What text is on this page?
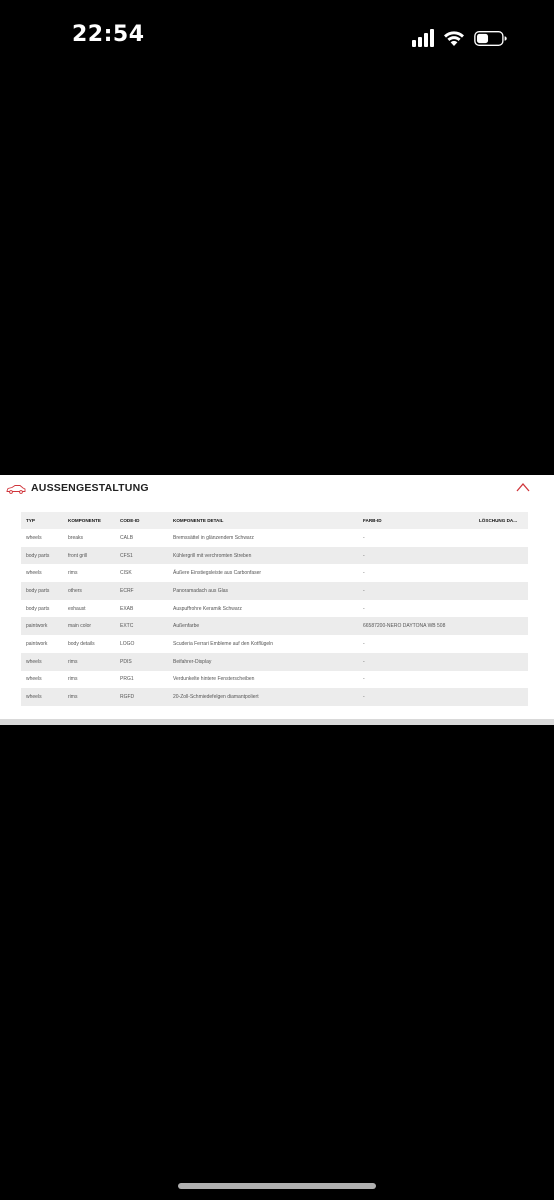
22:54
AUSSENGESTALTUNG
TYP	KOMPONENTE	CODE-ID	KOMPONENTE DETAIL	FARB-ID	LÖSCHUNG DA...
wheels	breaks	CALB	Bremssättel in glänzendem Schwarz	-	
body parts	front grill	CFS1	Kühlergrill mit verchromten Streben	-	
wheels	rims	CISK	Äußere Einstiegsleiste aus Carbonfaser	-	
body parts	others	ECRF	Panoramadach aus Glas	-	
body parts	exhaust	EXAB	Auspuffrohre Keramik Schwarz	-	
paintwork	main color	EXTC	Außenfarbe	66587200-NERO DAYTONA WB 508	
paintwork	body details	LOGO	Scuderia Ferrari Embleme auf den Kotflügeln	-	
wheels	rims	PDIS	Beifahrer-Display	-	
wheels	rims	PRG1	Verdunkelte hintere Fensterscheiben	-	
wheels	rims	RGFD	20-Zoll-Schmiedefelgen diamantpoliert	-	
